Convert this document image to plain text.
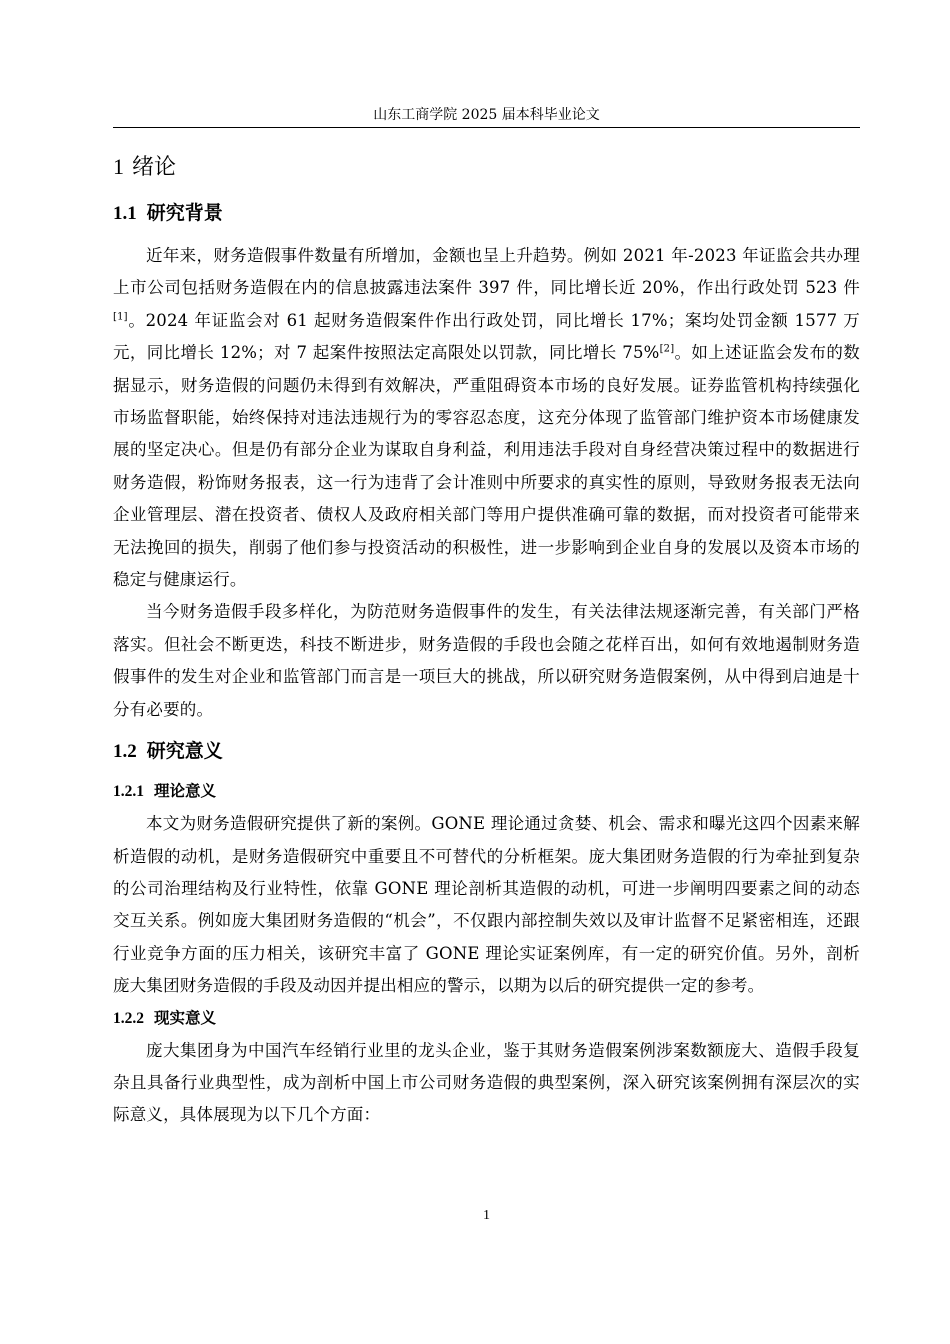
山东工商学院 2025 届本科毕业论文
1 绪论
1.1 研究背景

近年来，财务造假事件数量有所增加，金额也呈上升趋势。例如 2021 年-2023 年证监会共办理上市公司包括财务造假在内的信息披露违法案件 397 件，同比增长近 20%，作出行政处罚 523 件[1]。2024 年证监会对 61 起财务造假案件作出行政处罚，同比增长 17%；案均处罚金额 1577 万元，同比增长 12%；对 7 起案件按照法定高限处以罚款，同比增长 75%[2]。如上述证监会发布的数据显示，财务造假的问题仍未得到有效解决，严重阻碍资本市场的良好发展。证券监管机构持续强化市场监督职能，始终保持对违法违规行为的零容忍态度，这充分体现了监管部门维护资本市场健康发展的坚定决心。但是仍有部分企业为谋取自身利益，利用违法手段对自身经营决策过程中的数据进行财务造假，粉饰财务报表，这一行为违背了会计准则中所要求的真实性的原则，导致财务报表无法向企业管理层、潜在投资者、债权人及政府相关部门等用户提供准确可靠的数据，而对投资者可能带来无法挽回的损失，削弱了他们参与投资活动的积极性，进一步影响到企业自身的发展以及资本市场的稳定与健康运行。

当今财务造假手段多样化，为防范财务造假事件的发生，有关法律法规逐渐完善，有关部门严格落实。但社会不断更迭，科技不断进步，财务造假的手段也会随之花样百出，如何有效地遏制财务造假事件的发生对企业和监管部门而言是一项巨大的挑战，所以研究财务造假案例，从中得到启迪是十分有必要的。

1.2 研究意义
1.2.1 理论意义

本文为财务造假研究提供了新的案例。GONE 理论通过贪婪、机会、需求和曝光这四个因素来解析造假的动机，是财务造假研究中重要且不可替代的分析框架。庞大集团财务造假的行为牵扯到复杂的公司治理结构及行业特性，依靠 GONE 理论剖析其造假的动机，可进一步阐明四要素之间的动态交互关系。例如庞大集团财务造假的“机会”，不仅跟内部控制失效以及审计监督不足紧密相连，还跟行业竞争方面的压力相关，该研究丰富了 GONE 理论实证案例库，有一定的研究价值。另外，剖析庞大集团财务造假的手段及动因并提出相应的警示，以期为以后的研究提供一定的参考。

1.2.2 现实意义

庞大集团身为中国汽车经销行业里的龙头企业，鉴于其财务造假案例涉案数额庞大、造假手段复杂且具备行业典型性，成为剖析中国上市公司财务造假的典型案例，深入研究该案例拥有深层次的实际意义，具体展现为以下几个方面：

1
